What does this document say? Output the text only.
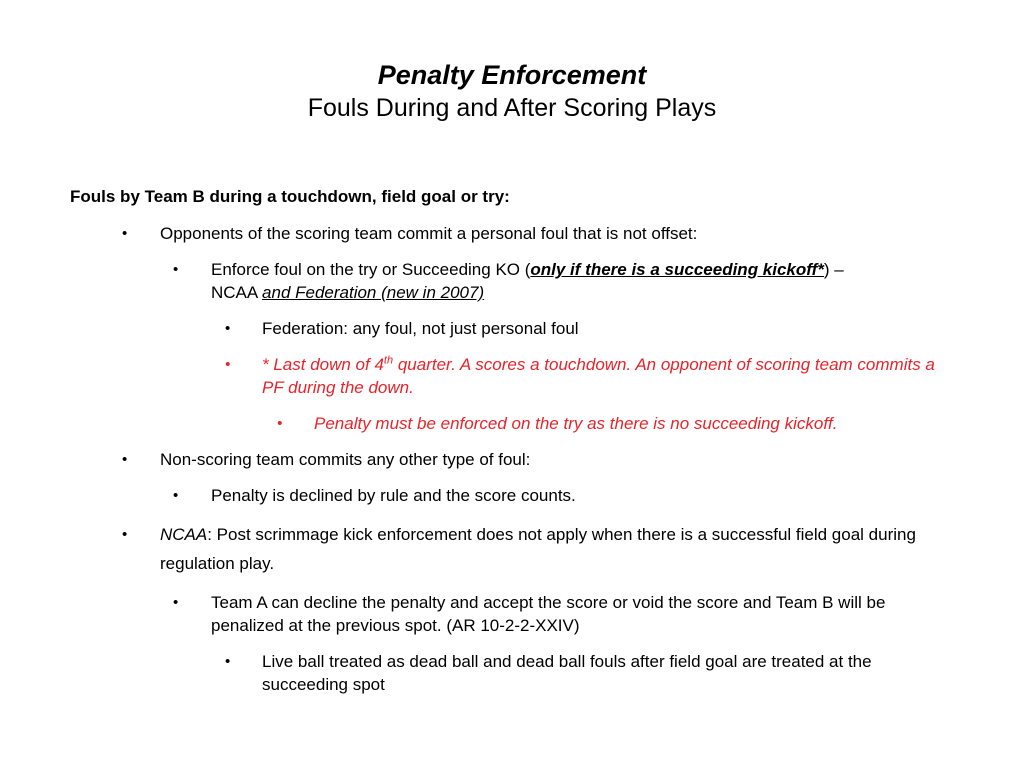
Penalty Enforcement
Fouls During and After Scoring Plays
Fouls by Team B during a touchdown, field goal or try:
• Opponents of the scoring team commit a personal foul that is not offset:
• Enforce foul on the try or Succeeding KO (only if there is a succeeding kickoff*) –
NCAA and Federation (new in 2007)
• Federation: any foul, not just personal foul
• * Last down of 4th quarter. A scores a touchdown. An opponent of scoring team commits a PF during the down.
• Penalty must be enforced on the try as there is no succeeding kickoff.
• Non-scoring team commits any other type of foul:
• Penalty is declined by rule and the score counts.
• NCAA: Post scrimmage kick enforcement does not apply when there is a successful field goal during regulation play.
• Team A can decline the penalty and accept the score or void the score and Team B will be penalized at the previous spot. (AR 10-2-2-XXIV)
• Live ball treated as dead ball and dead ball fouls after field goal are treated at the succeeding spot
